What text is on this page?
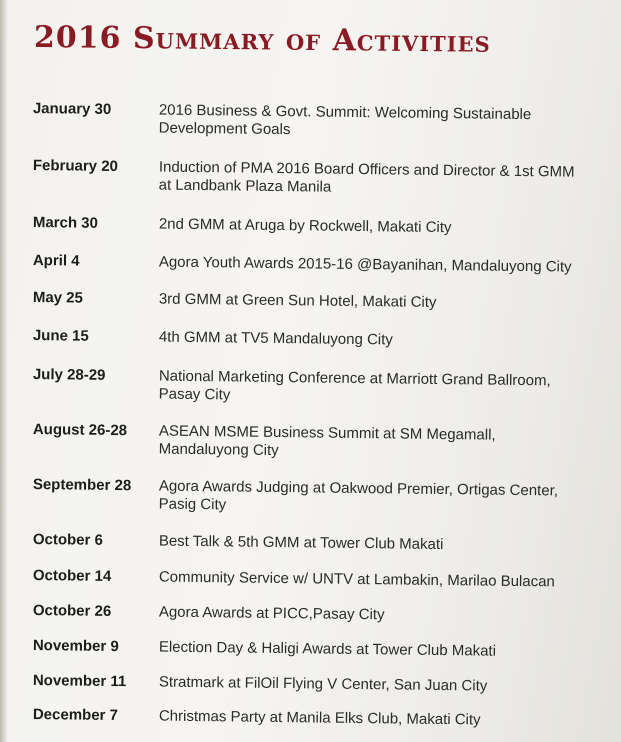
2016 Summary of Activities
January 30	2016 Business & Govt. Summit: Welcoming Sustainable Development Goals
February 20	Induction of PMA 2016 Board Officers and Director & 1st GMM at Landbank Plaza Manila
March 30	2nd GMM at Aruga by Rockwell, Makati City
April 4	Agora Youth Awards 2015-16 @Bayanihan, Mandaluyong City
May 25	3rd GMM at Green Sun Hotel, Makati City
June 15	4th GMM at TV5 Mandaluyong City
July 28-29	National Marketing Conference at Marriott Grand Ballroom, Pasay City
August 26-28	ASEAN MSME Business Summit at SM Megamall, Mandaluyong City
September 28	Agora Awards Judging at Oakwood Premier, Ortigas Center, Pasig City
October 6	Best Talk & 5th GMM at Tower Club Makati
October 14	Community Service w/ UNTV at Lambakin, Marilao Bulacan
October 26	Agora Awards at PICC,Pasay City
November 9	Election Day & Haligi Awards at Tower Club Makati
November 11	Stratmark at FilOil Flying V Center, San Juan City
December 7	Christmas Party at Manila Elks Club, Makati City
